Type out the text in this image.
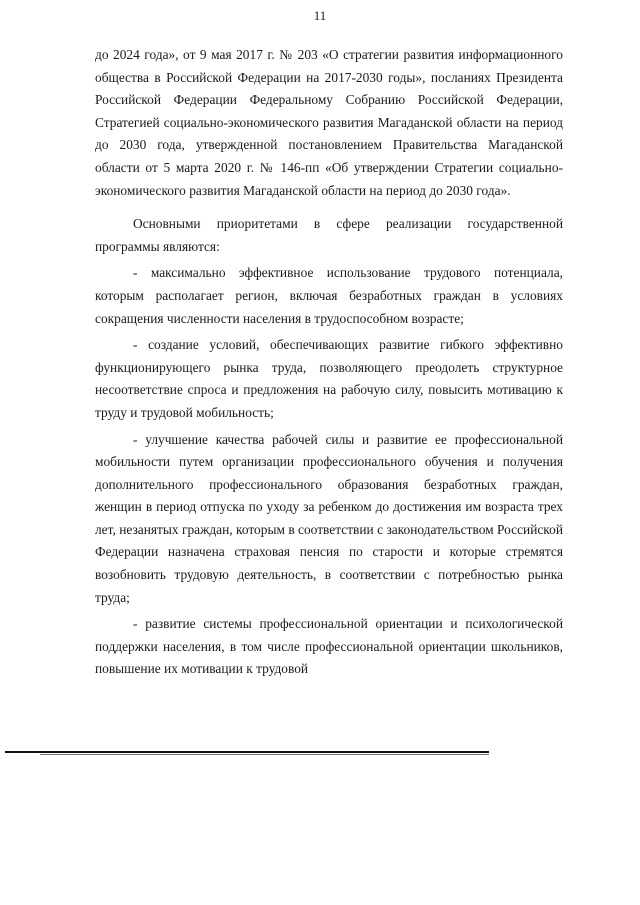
11

до 2024 года», от 9 мая 2017 г. № 203 «О стратегии развития информационного общества в Российской Федерации на 2017-2030 годы», посланиях Президента Российской Федерации Федеральному Собранию Российской Федерации, Стратегией социально-экономического развития Магаданской области на период до 2030 года, утвержденной постановлением Правительства Магаданской области от 5 марта 2020 г. № 146-пп «Об утверждении Стратегии социально-экономического развития Магаданской области на период до 2030 года».

Основными приоритетами в сфере реализации государственной программы являются:

- максимально эффективное использование трудового потенциала, которым располагает регион, включая безработных граждан в условиях сокращения численности населения в трудоспособном возрасте;

- создание условий, обеспечивающих развитие гибкого эффективно функционирующего рынка труда, позволяющего преодолеть структурное несоответствие спроса и предложения на рабочую силу, повысить мотивацию к труду и трудовой мобильность;

- улучшение качества рабочей силы и развитие ее профессиональной мобильности путем организации профессионального обучения и получения дополнительного профессионального образования безработных граждан, женщин в период отпуска по уходу за ребенком до достижения им возраста трех лет, незанятых граждан, которым в соответствии с законодательством Российской Федерации назначена страховая пенсия по старости и которые стремятся возобновить трудовую деятельность, в соответствии с потребностью рынка труда;

- развитие системы профессиональной ориентации и психологической поддержки населения, в том числе профессиональной ориентации школьников, повышение их мотивации к трудовой
